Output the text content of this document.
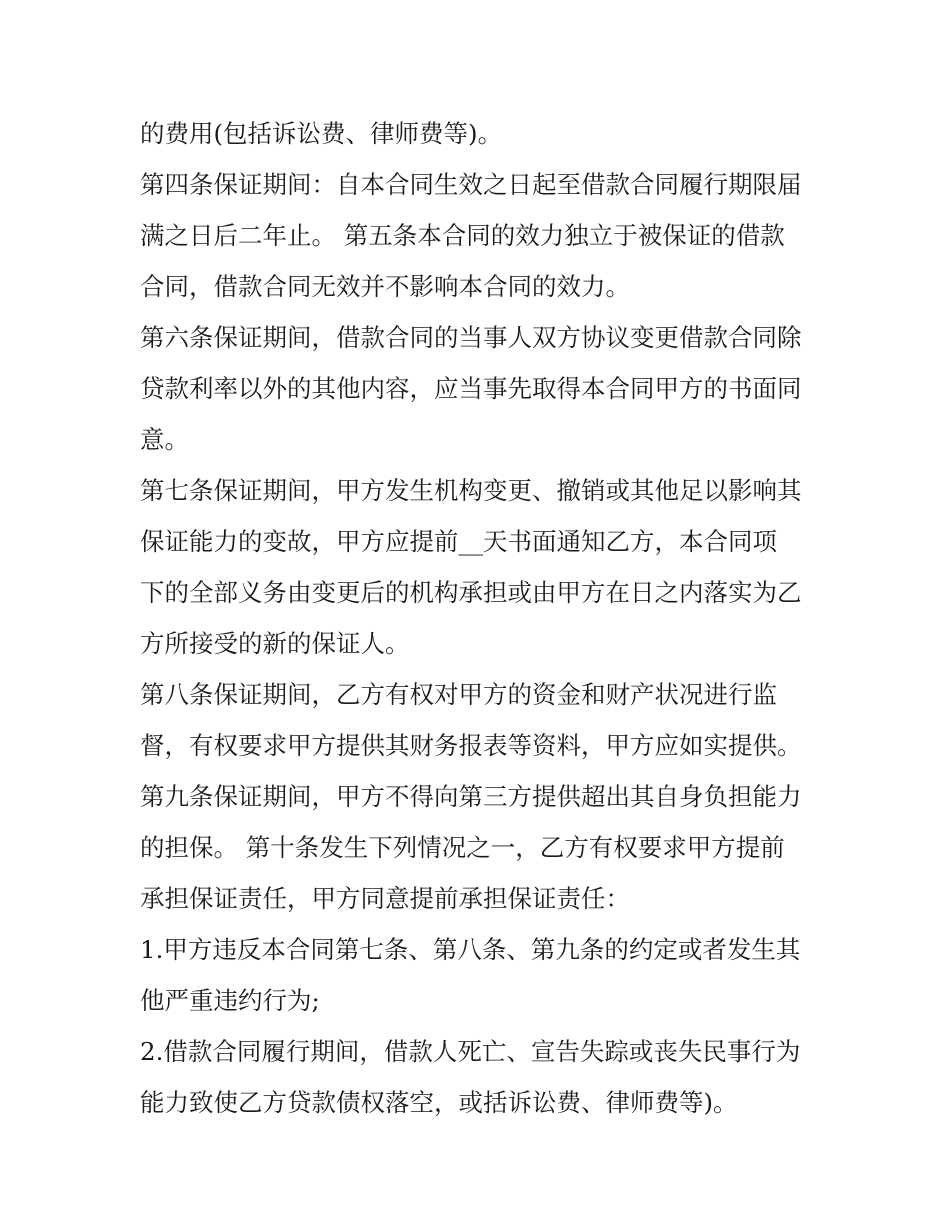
的费用(包括诉讼费、律师费等)。

第四条保证期间：自本合同生效之日起至借款合同履行期限届
满之日后二年止。 第五条本合同的效力独立于被保证的借款
合同，借款合同无效并不影响本合同的效力。

第六条保证期间，借款合同的当事人双方协议变更借款合同除
贷款利率以外的其他内容，应当事先取得本合同甲方的书面同
意。

第七条保证期间，甲方发生机构变更、撤销或其他足以影响其
保证能力的变故，甲方应提前__天书面通知乙方，本合同项
下的全部义务由变更后的机构承担或由甲方在日之内落实为乙
方所接受的新的保证人。

第八条保证期间，乙方有权对甲方的资金和财产状况进行监
督，有权要求甲方提供其财务报表等资料，甲方应如实提供。

第九条保证期间，甲方不得向第三方提供超出其自身负担能力
的担保。 第十条发生下列情况之一，乙方有权要求甲方提前
承担保证责任，甲方同意提前承担保证责任：

1.甲方违反本合同第七条、第八条、第九条的约定或者发生其
他严重违约行为;

2.借款合同履行期间，借款人死亡、宣告失踪或丧失民事行为
能力致使乙方贷款债权落空，或括诉讼费、律师费等)。
